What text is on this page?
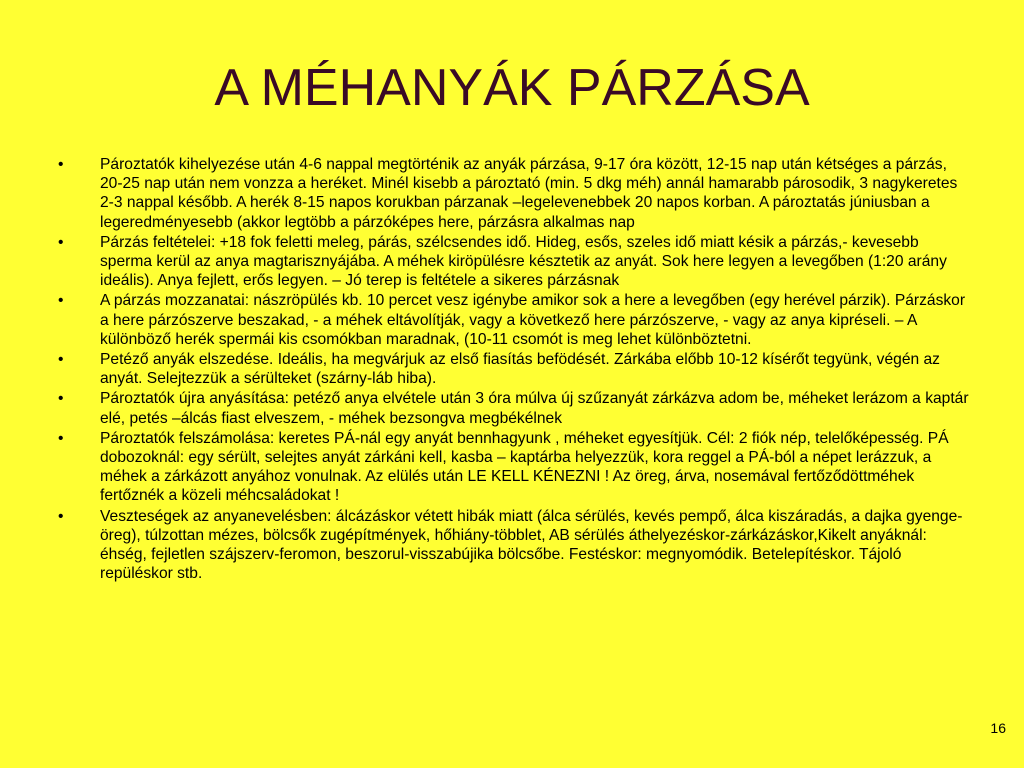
A MÉHANYÁK PÁRZÁSA
•	Pároztatók kihelyezése után 4-6 nappal megtörténik az anyák párzása, 9-17 óra között, 12-15 nap után kétséges a párzás, 20-25 nap után nem vonzza a heréket. Minél kisebb a pároztató (min. 5 dkg méh) annál hamarabb párosodik, 3 nagykeretes 2-3 nappal később. A herék 8-15 napos korukban párzanak –legelevenebbek 20 napos korban. A pároztatás júniusban a legeredményesebb (akkor legtöbb a párzóképes here, párzásra alkalmas nap
•	Párzás feltételei: +18 fok feletti meleg, párás, szélcsendes idő. Hideg, esős, szeles idő miatt késik a párzás,- kevesebb sperma kerül az anya magtarisznyájába. A méhek kiröpülésre késztetik az anyát. Sok here legyen a levegőben (1:20 arány ideális). Anya fejlett, erős legyen. – Jó terep is feltétele a sikeres párzásnak
•	A párzás mozzanatai: nászröpülés kb. 10 percet vesz igénybe amikor sok a here a levegőben (egy herével párzik). Párzáskor a here párzószerve beszakad, - a méhek eltávolítják, vagy a következő here párzószerve, - vagy az anya kipréseli. – A különböző herék spermái kis csomókban maradnak, (10-11 csomót is meg lehet különböztetni.
•	Petéző anyák elszedése. Ideális, ha megvárjuk az első fiasítás befödését. Zárkába előbb 10-12 kísérőt tegyünk, végén az anyát. Selejtezzük a sérülteket (szárny-láb hiba).
•	Pároztatók újra anyásítása: petéző anya elvétele után 3 óra múlva új szűzanyát zárkázva adom be, méheket lerázom a kaptár elé, petés –álcás fiast elveszem, - méhek bezsongva megbékélnek
•	Pároztatók felszámolása: keretes PÁ-nál egy anyát bennhagyunk , méheket egyesítjük. Cél: 2 fiók nép, telelőképesség. PÁ dobozoknál: egy sérült, selejtes anyát zárkáni kell, kasba – kaptárba helyezzük, kora reggel a PÁ-ból a népet lerázzuk, a méhek a zárkázott anyához vonulnak. Az elülés után LE KELL KÉNEZNI ! Az öreg, árva, nosemával fertőződöttméhek fertőznék a közeli méhcsaládokat !
•	Veszteségek az anyanevelésben: álcázáskor vétett hibák miatt (álca sérülés, kevés pempő, álca kiszáradás, a dajka gyenge-öreg), túlzottan mézes, bölcsők zugépítmények, hőhiány-többlet, AB sérülés áthelyezéskor-zárkázáskor,Kikelt anyáknál: éhség, fejletlen szájszerv-feromon, beszorul-visszabújika bölcsőbe. Festéskor: megnyomódik. Betelepítéskor. Tájoló repüléskor stb.
16
